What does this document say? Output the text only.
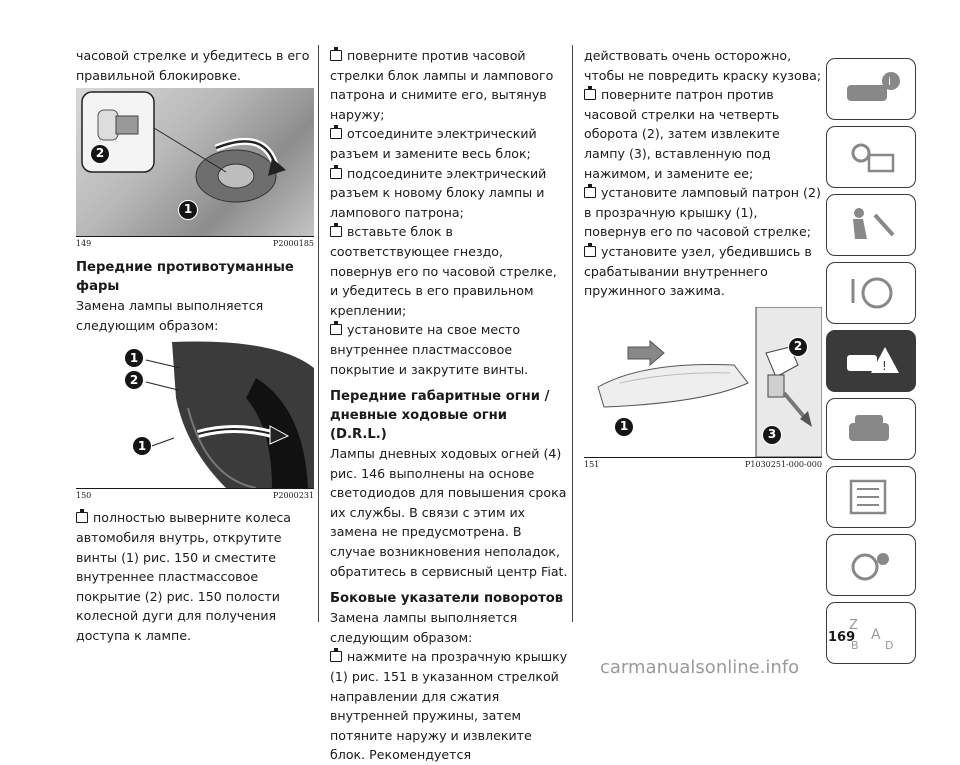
часовой стрелке и убедитесь в его правильной блокировке.

2
1
149	P2000185
Передние противотуманные фары

Замена лампы выполняется следующим образом:

1
2
1
150	P2000231

полностью выверните колеса автомобиля внутрь, открутите винты (1) рис. 150 и сместите внутреннее пластмассовое покрытие (2) рис. 150 полости колесной дуги для получения доступа к лампе.

поверните против часовой стрелки блок лампы и лампового патрона и снимите его, вытянув наружу;

отсоедините электрический разъем и замените весь блок;

подсоедините электрический разъем к новому блоку лампы и лампового патрона;

вставьте блок в соответствующее гнездо, повернув его по часовой стрелке, и убедитесь в его правильном креплении;

установите на свое место внутреннее пластмассовое покрытие и закрутите винты.

Передние габаритные огни / дневные ходовые огни (D.R.L.)

Лампы дневных ходовых огней (4) рис. 146 выполнены на основе светодиодов для повышения срока их службы. В связи с этим их замена не предусмотрена. В случае возникновения неполадок, обратитесь в сервисный центр Fiat.

Боковые указатели поворотов

Замена лампы выполняется следующим образом:

нажмите на прозрачную крышку (1) рис. 151 в указанном стрелкой направлении для сжатия внутренней пружины, затем потяните наружу и извлеките блок. Рекомендуется

действовать очень осторожно, чтобы не повредить краску кузова;

поверните патрон против часовой стрелки на четверть оборота (2), затем извлеките лампу (3), вставленную под нажимом, и замените ее;

установите ламповый патрон (2) в прозрачную крышку (1), повернув его по часовой стрелке;

установите узел, убедившись в срабатывании внутреннего пружинного зажима.

2
1
3
151	P1030251-000-000
i
!
Z
A
B D
169
carmanualsonline.info
